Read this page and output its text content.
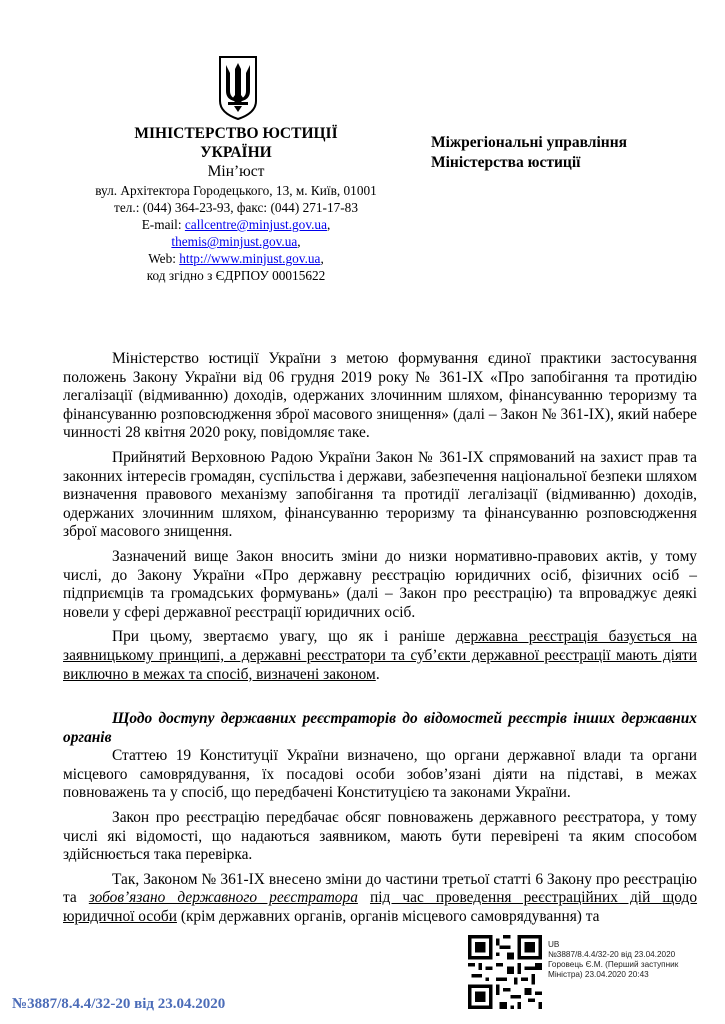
МІНІСТЕРСТВО ЮСТИЦІЇ
УКРАЇНИ
Мін’юст
вул. Архітектора Городецького, 13, м. Київ, 01001
тел.: (044) 364-23-93, факс: (044) 271-17-83
E-mail: callcentre@minjust.gov.ua,
themis@minjust.gov.ua,
Web: http://www.minjust.gov.ua,
код згідно з ЄДРПОУ 00015622
Міжрегіональні управління
Міністерства юстиції

Міністерство юстиції України з метою формування єдиної практики застосування положень Закону України від 06 грудня 2019 року № 361-IX «Про запобігання та протидію легалізації (відмиванню) доходів, одержаних злочинним шляхом, фінансуванню тероризму та фінансуванню розповсюдження зброї масового знищення» (далі – Закон № 361-IX), який набере чинності 28 квітня 2020 року, повідомляє таке.

Прийнятий Верховною Радою України Закон № 361-IX спрямований на захист прав та законних інтересів громадян, суспільства і держави, забезпечення національної безпеки шляхом визначення правового механізму запобігання та протидії легалізації (відмиванню) доходів, одержаних злочинним шляхом, фінансуванню тероризму та фінансуванню розповсюдження зброї масового знищення.

Зазначений вище Закон вносить зміни до низки нормативно-правових актів, у тому числі, до Закону України «Про державну реєстрацію юридичних осіб, фізичних осіб – підприємців та громадських формувань» (далі – Закон про реєстрацію) та впроваджує деякі новели у сфері державної реєстрації юридичних осіб.

При цьому, звертаємо увагу, що як і раніше державна реєстрація базується на заявницькому принципі, а державні реєстратори та суб’єкти державної реєстрації мають діяти виключно в межах та спосіб, визначені законом.

Щодо доступу державних реєстраторів до відомостей реєстрів інших державних органів

Статтею 19 Конституції України визначено, що органи державної влади та органи місцевого самоврядування, їх посадові особи зобов’язані діяти на підставі, в межах повноважень та у спосіб, що передбачені Конституцією та законами України.

Закон про реєстрацію передбачає обсяг повноважень державного реєстратора, у тому числі які відомості, що надаються заявником, мають бути перевірені та яким способом здійснюється така перевірка.

Так, Законом № 361-IX внесено зміни до частини третьої статті 6 Закону про реєстрацію та зобов’язано державного реєстратора під час проведення реєстраційних дій щодо юридичної особи (крім державних органів, органів місцевого самоврядування) та

UB
№3887/8.4.4/32-20 від 23.04.2020
Горовець Є.М. (Перший заступник
Міністра) 23.04.2020 20:43
№3887/8.4.4/32-20 від 23.04.2020
